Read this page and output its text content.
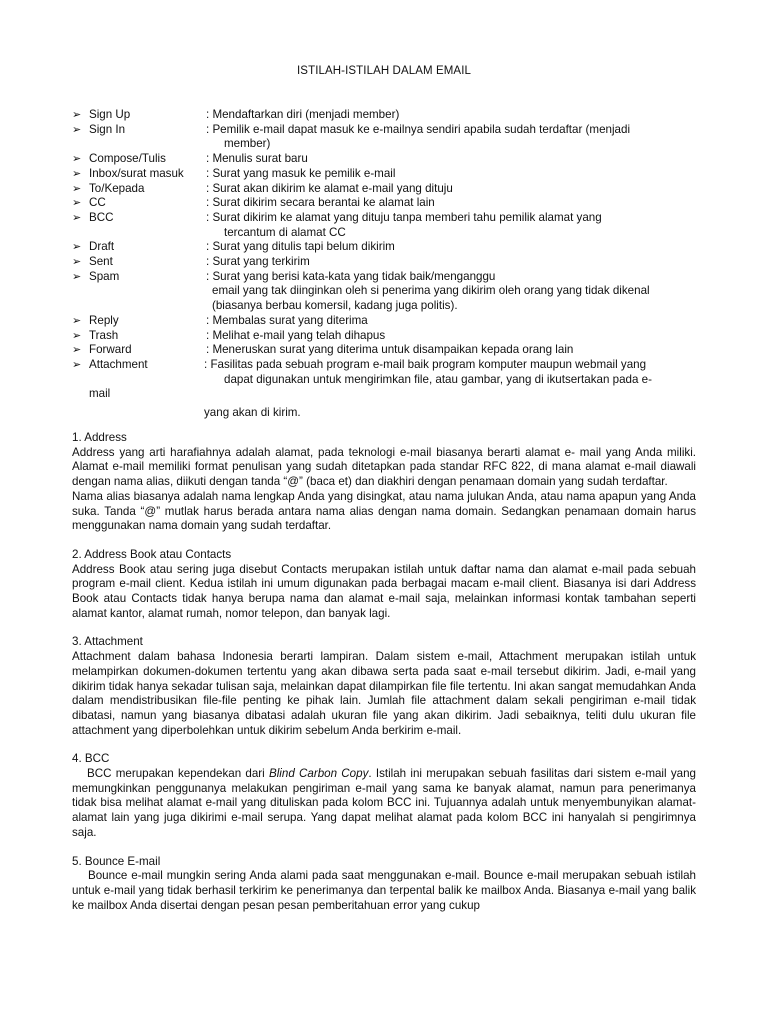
ISTILAH-ISTILAH DALAM EMAIL
➢ Sign Up	: Mendaftarkan diri (menjadi member)
➢ Sign In	: Pemilik e-mail dapat masuk ke e-mailnya sendiri apabila sudah terdaftar (menjadi
member)
➢ Compose/Tulis	: Menulis surat baru
➢ Inbox/surat masuk : Surat yang masuk ke pemilik e-mail
➢ To/Kepada	: Surat akan dikirim ke alamat e-mail yang dituju
➢ CC	: Surat dikirim secara berantai ke alamat lain
➢ BCC	: Surat dikirim ke alamat yang dituju tanpa memberi tahu pemilik alamat yang
tercantum di alamat CC
➢ Draft	: Surat yang ditulis tapi belum dikirim
➢ Sent	: Surat yang terkirim
➢ Spam	: Surat yang berisi kata-kata yang tidak baik/menganggu
email yang tak diinginkan oleh si penerima yang dikirim oleh orang yang tidak dikenal
(biasanya berbau komersil, kadang juga politis).
➢ Reply	: Membalas surat yang diterima
➢ Trash	: Melihat e-mail yang telah dihapus
➢ Forward	: Meneruskan surat yang diterima untuk disampaikan kepada orang lain
➢ Attachment	: Fasilitas pada sebuah program e-mail baik program komputer maupun webmail yang
dapat digunakan untuk mengirimkan file, atau gambar, yang di ikutsertakan pada e-
mail
yang akan di kirim.
1. Address

Address yang arti harafiahnya adalah alamat, pada teknologi e-mail biasanya berarti alamat e- mail yang Anda miliki. Alamat e-mail memiliki format penulisan yang sudah ditetapkan pada standar RFC 822, di mana alamat e-mail diawali dengan nama alias, diikuti dengan tanda “@” (baca et) dan diakhiri dengan penamaan domain yang sudah terdaftar.

Nama alias biasanya adalah nama lengkap Anda yang disingkat, atau nama julukan Anda, atau nama apapun yang Anda suka. Tanda “@” mutlak harus berada antara nama alias dengan nama domain. Sedangkan penamaan domain harus menggunakan nama domain yang sudah terdaftar.

2. Address Book atau Contacts

Address Book atau sering juga disebut Contacts merupakan istilah untuk daftar nama dan alamat e-mail pada sebuah program e-mail client. Kedua istilah ini umum digunakan pada berbagai macam e-mail client. Biasanya isi dari Address Book atau Contacts tidak hanya berupa nama dan alamat e-mail saja, melainkan informasi kontak tambahan seperti alamat kantor, alamat rumah, nomor telepon, dan banyak lagi.

3. Attachment

Attachment dalam bahasa Indonesia berarti lampiran. Dalam sistem e-mail, Attachment merupakan istilah untuk melampirkan dokumen-dokumen tertentu yang akan dibawa serta pada saat e-mail tersebut dikirim. Jadi, e-mail yang dikirim tidak hanya sekadar tulisan saja, melainkan dapat dilampirkan file file tertentu. Ini akan sangat memudahkan Anda dalam mendistribusikan file-file penting ke pihak lain. Jumlah file attachment dalam sekali pengiriman e-mail tidak dibatasi, namun yang biasanya dibatasi adalah ukuran file yang akan dikirim. Jadi sebaiknya, teliti dulu ukuran file attachment yang diperbolehkan untuk dikirim sebelum Anda berkirim e-mail.

4. BCC

BCC merupakan kependekan dari Blind Carbon Copy. Istilah ini merupakan sebuah fasilitas dari sistem e-mail yang memungkinkan penggunanya melakukan pengiriman e-mail yang sama ke banyak alamat, namun para penerimanya tidak bisa melihat alamat e-mail yang dituliskan pada kolom BCC ini. Tujuannya adalah untuk menyembunyikan alamat-alamat lain yang juga dikirimi e-mail serupa. Yang dapat melihat alamat pada kolom BCC ini hanyalah si pengirimnya saja.

5. Bounce E-mail

Bounce e-mail mungkin sering Anda alami pada saat menggunakan e-mail. Bounce e-mail merupakan sebuah istilah untuk e-mail yang tidak berhasil terkirim ke penerimanya dan terpental balik ke mailbox Anda. Biasanya e-mail yang balik ke mailbox Anda disertai dengan pesan pesan pemberitahuan error yang cukup
